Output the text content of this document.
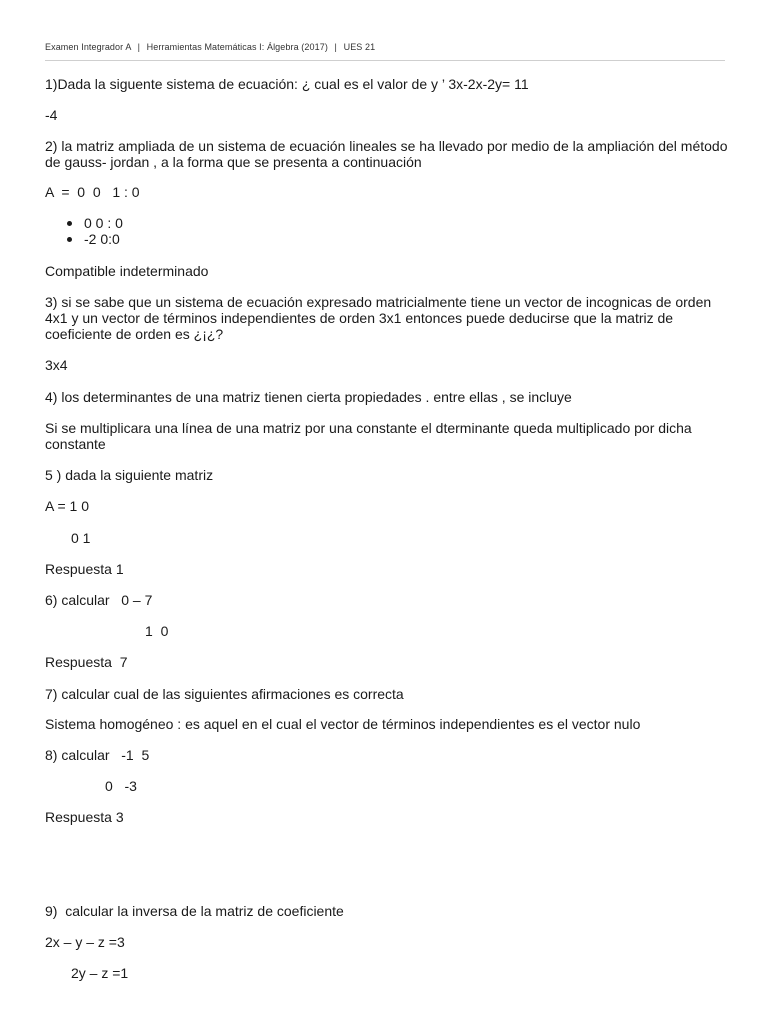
Examen Integrador A | Herramientas Matemáticas I: Álgebra (2017) | UES 21
1)Dada la siguente sistema de ecuación: ¿ cual es el valor de y ’ 3x-2x-2y= 11
-4
2) la matriz ampliada de un sistema de ecuación lineales se ha llevado por medio de la ampliación del método de gauss- jordan , a la forma que se presenta a continuación
A  =  0  0   1 : 0
0 0 : 0
-2 0:0
Compatible indeterminado
3) si se sabe que un sistema de ecuación expresado matricialmente tiene un vector de incognicas de orden 4x1 y un vector de términos independientes de orden 3x1 entonces puede deducirse que la matriz de coeficiente de orden es ¿¡¿?
3x4
4) los determinantes de una matriz tienen cierta propiedades . entre ellas , se incluye
Si se multiplicara una línea de una matriz por una constante el dterminante queda multiplicado por dicha constante
5 ) dada la siguiente matriz
A = 1 0
0 1
Respuesta 1
6) calcular   0 – 7
1  0
Respuesta  7
7) calcular cual de las siguientes afirmaciones es correcta
Sistema homogéneo : es aquel en el cual el vector de términos independientes es el vector nulo
8) calcular   -1  5
0   -3
Respuesta 3
9)  calcular la inversa de la matriz de coeficiente
2x – y – z =3
2y – z =1
